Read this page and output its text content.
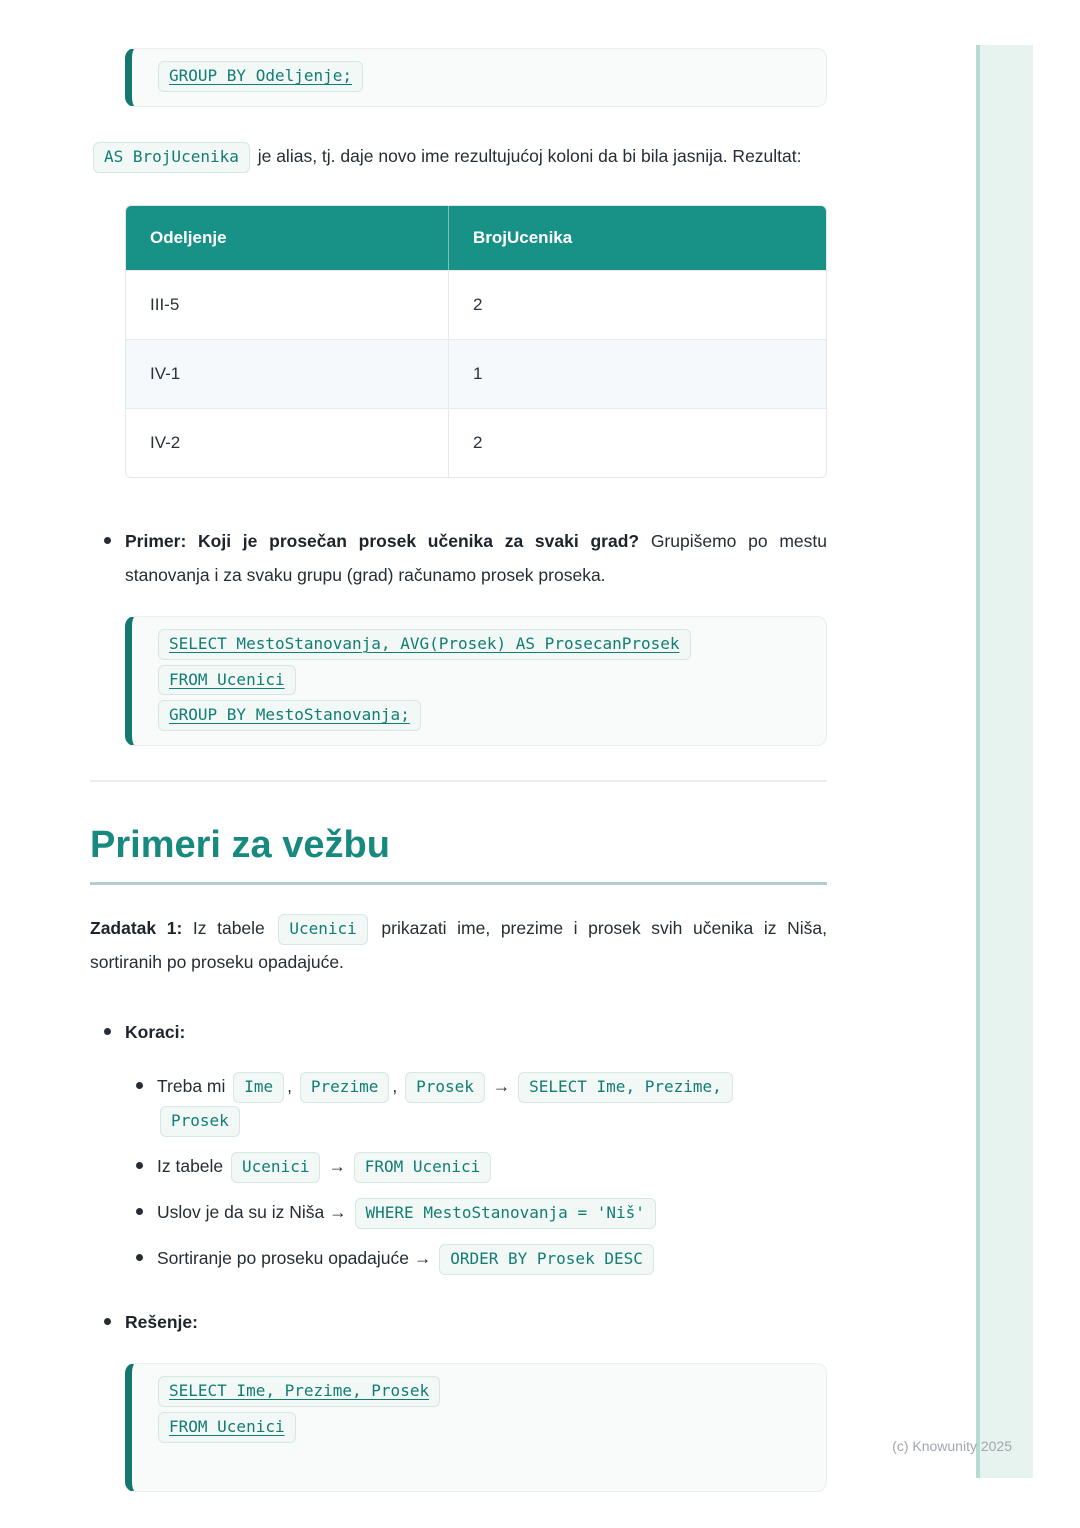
(c) Knowunity 2025
GROUP BY Odeljenje;

AS BrojUcenika je alias, tj. daje novo ime rezultujućoj koloni da bi bila jasnija. Rezultat:

Odeljenje	BrojUcenika
III-5	2
IV-1	1
IV-2	2
Primer: Koji je prosečan prosek učenika za svaki grad? Grupišemo po mestu stanovanja i za svaku grupu (grad) računamo prosek proseka.
SELECT MestoStanovanja, AVG(Prosek) AS ProsecanProsek
FROM Ucenici
GROUP BY MestoStanovanja;
Primeri za vežbu

Zadatak 1: Iz tabele Ucenici prikazati ime, prezime i prosek svih učenika iz Niša, sortiranih po proseku opadajuće.

Koraci:
Treba mi Ime , Prezime , Prosek → SELECT Ime, Prezime,
Prosek
Iz tabele Ucenici → FROM Ucenici
Uslov je da su iz Niša → WHERE MestoStanovanja = 'Niš'
Sortiranje po proseku opadajuće → ORDER BY Prosek DESC
Rešenje:
SELECT Ime, Prezime, Prosek
FROM Ucenici
